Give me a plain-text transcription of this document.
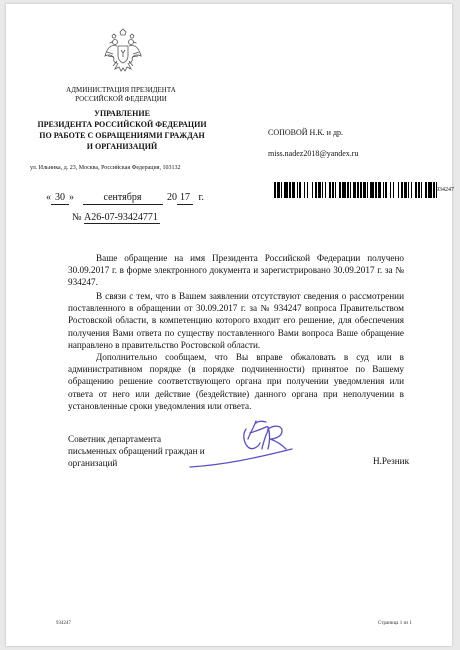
АДМИНИСТРАЦИЯ ПРЕЗИДЕНТА
РОССИЙСКОЙ ФЕДЕРАЦИИ
УПРАВЛЕНИЕ
ПРЕЗИДЕНТА РОССИЙСКОЙ ФЕДЕРАЦИИ
ПО РАБОТЕ С ОБРАЩЕНИЯМИ ГРАЖДАН
И ОРГАНИЗАЦИЙ
ул. Ильинка, д. 23, Москва, Российская Федерация, 103132
СОПОВОЙ Н.К. и др.
miss.nadez2018@yandex.ru
934247
« 30 »	сентября	20 17 г.
№ А26-07-93424771

Ваше обращение на имя Президента Российской Федерации получено 30.09.2017 г. в форме электронного документа и зарегистрировано 30.09.2017 г. за № 934247.

В связи с тем, что в Вашем заявлении отсутствуют сведения о рассмотрении поставленного в обращении от 30.09.2017 г. за № 934247 вопроса Правительством Ростовской области, в компетенцию которого входит его решение, для обеспечения получения Вами ответа по существу поставленного Вами вопроса Ваше обращение направлено в правительство Ростовской области.

Дополнительно сообщаем, что Вы вправе обжаловать в суд или в административном порядке (в порядке подчиненности) принятое по Вашему обращению решение соответствующего органа при получении уведомления или ответа от него или действие (бездействие) данного органа при неполучении в установленные сроки уведомления или ответа.

Советник департамента
письменных обращений граждан и
организаций	Н.Резник
934247	Страница 1 из 1
